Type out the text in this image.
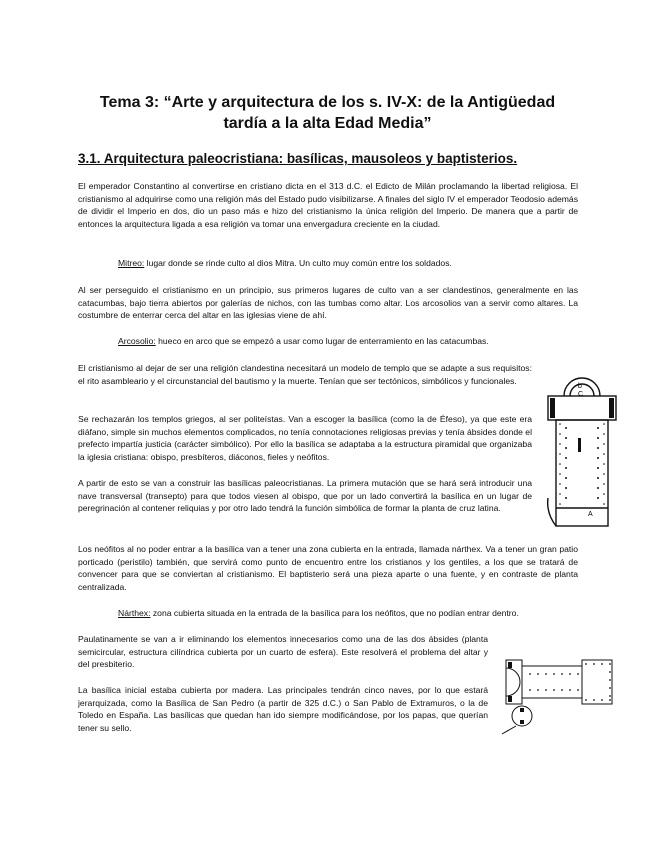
Tema 3: “Arte y arquitectura de los s. IV-X: de la Antigüedad
tardía a la alta Edad Media”
3.1. Arquitectura paleocristiana: basílicas, mausoleos y baptisterios.

El emperador Constantino al convertirse en cristiano dicta en el 313 d.C. el Edicto de Milán proclamando la libertad religiosa. El cristianismo al adquirirse como una religión más del Estado pudo visibilizarse. A finales del siglo IV el emperador Teodosio además de dividir el Imperio en dos, dio un paso más e hizo del cristianismo la única religión del Imperio. De manera que a partir de entonces la arquitectura ligada a esa religión va tomar una envergadura creciente en la ciudad.

Mitreo: lugar donde se rinde culto al dios Mitra. Un culto muy común entre los soldados.

Al ser perseguido el cristianismo en un principio, sus primeros lugares de culto van a ser clandestinos, generalmente en las catacumbas, bajo tierra abiertos por galerías de nichos, con las tumbas como altar. Los arcosolios van a servir como altares. La costumbre de enterrar cerca del altar en las iglesias viene de ahí.

Arcosolio: hueco en arco que se empezó a usar como lugar de enterramiento en las catacumbas.

El cristianismo al dejar de ser una religión clandestina necesitará un modelo de templo que se adapte a sus requisitos: el rito asambleario y el circunstancial del bautismo y la muerte. Tenían que ser tectónicos, simbólicos y funcionales.

Se rechazarán los templos griegos, al ser politeístas. Van a escoger la basílica (como la de Éfeso), ya que este era diáfano, simple sin muchos elementos complicados, no tenía connotaciones religiosas previas y tenía ábsides donde el prefecto impartía justicia (carácter simbólico). Por ello la basílica se adaptaba a la estructura piramidal que organizaba la iglesia cristiana: obispo, presbíteros, diáconos, fieles y neófitos.

A partir de esto se van a construir las basílicas paleocristianas. La primera mutación que se hará será introducir una nave transversal (transepto) para que todos viesen al obispo, que por un lado convertirá la basílica en un lugar de peregrinación al contener reliquias y por otro lado tendrá la función simbólica de formar la planta de cruz latina.

b
C
A

Los neófitos al no poder entrar a la basílica van a tener una zona cubierta en la entrada, llamada nárthex. Va a tener un gran patio porticado (peristilo) también, que servirá como punto de encuentro entre los cristianos y los gentiles, a los que se tratará de convencer para que se conviertan al cristianismo. El baptisterio será una pieza aparte o una fuente, y en contraste de planta centralizada.

Nárthex: zona cubierta situada en la entrada de la basílica para los neófitos, que no podían entrar dentro.

Paulatinamente se van a ir eliminando los elementos innecesarios como una de las dos ábsides (planta semicircular, estructura cilíndrica cubierta por un cuarto de esfera). Este resolverá el problema del altar y del presbiterio.

La basílica inicial estaba cubierta por madera. Las principales tendrán cinco naves, por lo que estará jerarquizada, como la Basílica de San Pedro (a partir de 325 d.C.) o San Pablo de Extramuros, o la de Toledo en España. Las basílicas que quedan han ido siempre modificándose, por los papas, que querían tener su sello.
